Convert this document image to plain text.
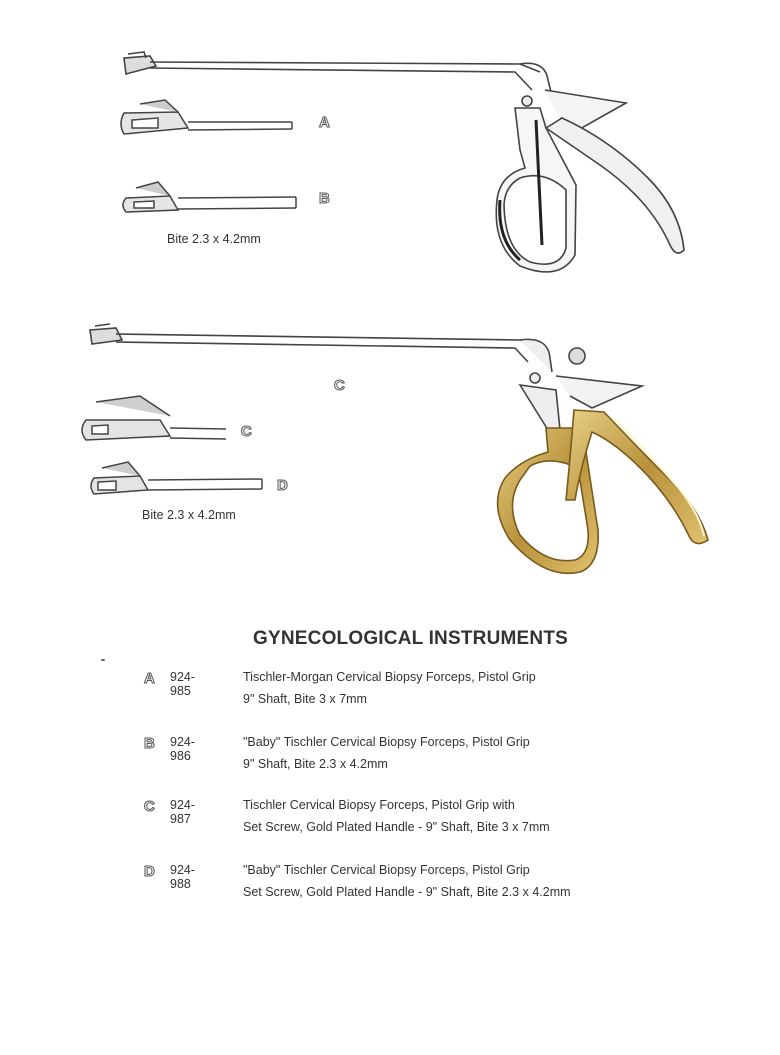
A
B
Bite 2.3 x 4.2mm
C
C
D
Bite 2.3 x 4.2mm
GYNECOLOGICAL INSTRUMENTS
A 924-985
Tischler-Morgan Cervical Biopsy Forceps, Pistol Grip
9" Shaft, Bite 3 x 7mm
B 924-986
"Baby" Tischler Cervical Biopsy Forceps, Pistol Grip
9" Shaft, Bite 2.3 x 4.2mm
C 924-987
Tischler Cervical Biopsy Forceps, Pistol Grip with
Set Screw, Gold Plated Handle - 9" Shaft, Bite 3 x 7mm
D 924-988
"Baby" Tischler Cervical Biopsy Forceps, Pistol Grip
Set Screw, Gold Plated Handle - 9" Shaft, Bite 2.3 x 4.2mm
